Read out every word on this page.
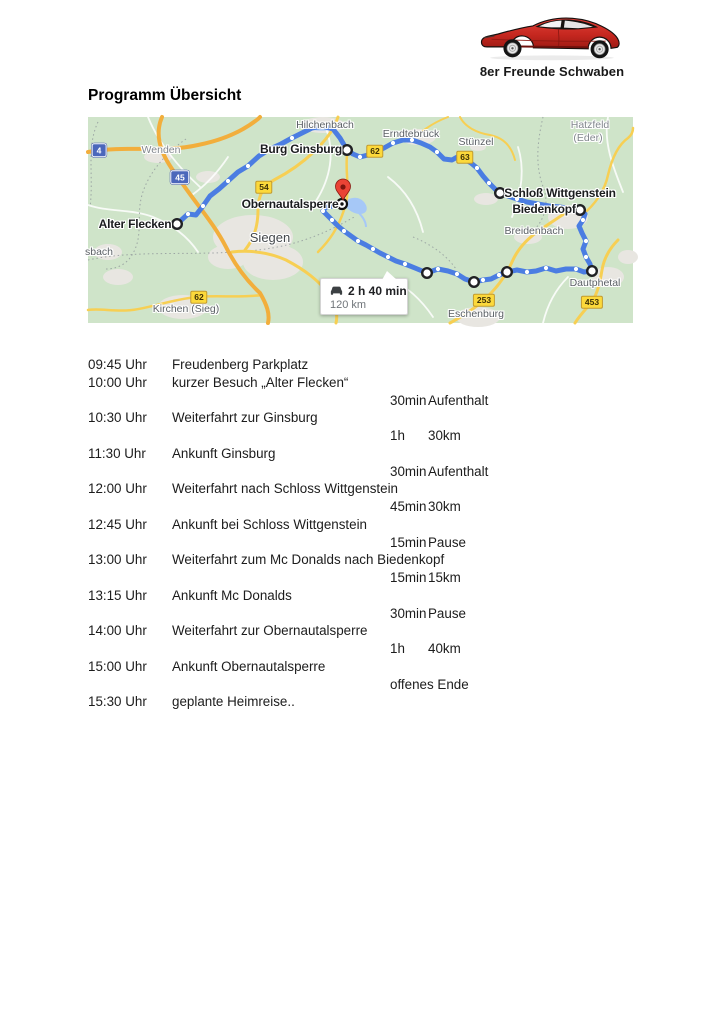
8er Freunde Schwaben
Programm Übersicht
Hilchenbach
Wenden
Erndtebrück
Stünzel
Hatzfeld
(Eder)
Siegen
Kirchen (Sieg)
Breidenbach
Dautphetal
Eschenburg
sbach
Alter Flecken
Burg Ginsburg
Schloß Wittgenstein
Biedenkopf
Obernautalsperre
4
45
54
62
63
62	253	453
2 h 40 min
120 km
09:45 Uhr Freudenberg Parkplatz
10:00 Uhr kurzer Besuch „Alter Flecken“
30min Aufenthalt
10:30 Uhr Weiterfahrt zur Ginsburg
1h 30km
11:30 Uhr Ankunft Ginsburg
30min Aufenthalt
12:00 Uhr Weiterfahrt nach Schloss Wittgenstein
45min 30km
12:45 Uhr Ankunft bei Schloss Wittgenstein
15min Pause
13:00 Uhr Weiterfahrt zum Mc Donalds nach Biedenkopf
15min 15km
13:15 Uhr Ankunft Mc Donalds
30min Pause
14:00 Uhr Weiterfahrt zur Obernautalsperre
1h 40km
15:00 Uhr Ankunft Obernautalsperre
offenes Ende
15:30 Uhr geplante Heimreise..
